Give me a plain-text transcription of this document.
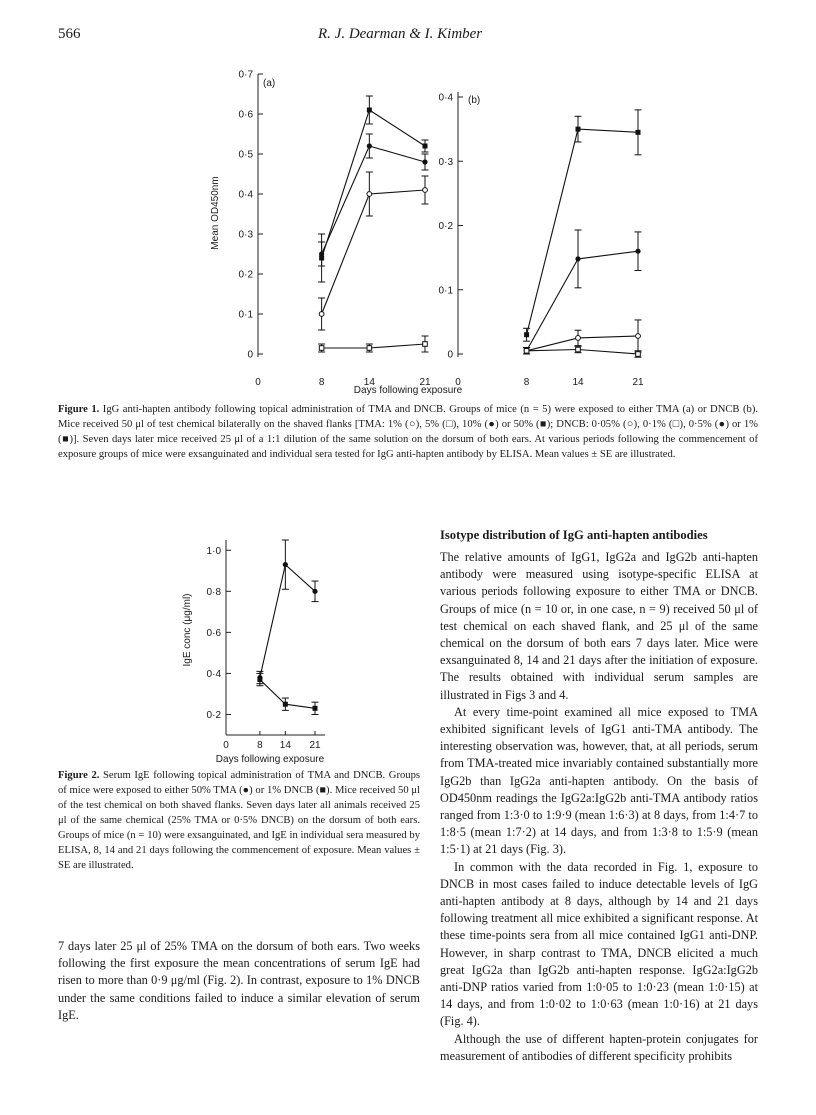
566	R. J. Dearman & I. Kimber
(a)
(b)
Mean OD450nm
Days following exposure
0
0·1
0·2
0·3
0·4
0·5
0·6
0·7
0	8	14	21
0
0·1
0·2
0·3
0·4
0	8	14	21
Figure 1. IgG anti-hapten antibody following topical administration of TMA and DNCB. Groups of mice (n = 5) were exposed to either TMA (a) or DNCB (b). Mice received 50 μl of test chemical bilaterally on the shaved flanks [TMA: 1% (○), 5% (□), 10% (●) or 50% (■); DNCB: 0·05% (○), 0·1% (□), 0·5% (●) or 1% (■)]. Seven days later mice received 25 μl of a 1:1 dilution of the same solution on the dorsum of both ears. At various periods following the commencement of exposure groups of mice were exsanguinated and individual sera tested for IgG anti-hapten antibody by ELISA. Mean values ± SE are illustrated.
IgE conc (μg/ml)
Days following exposure
0·2
0·4
0·6
0·8
1·0
8 14 21
0
Figure 2. Serum IgE following topical administration of TMA and DNCB. Groups of mice were exposed to either 50% TMA (●) or 1% DNCB (■). Mice received 50 μl of the test chemical on both shaved flanks. Seven days later all animals received 25 μl of the same chemical (25% TMA or 0·5% DNCB) on the dorsum of both ears. Groups of mice (n = 10) were exsanguinated, and IgE in individual sera measured by ELISA, 8, 14 and 21 days following the commencement of exposure. Mean values ± SE are illustrated.

7 days later 25 μl of 25% TMA on the dorsum of both ears. Two weeks following the first exposure the mean concentrations of serum IgE had risen to more than 0·9 μg/ml (Fig. 2). In contrast, exposure to 1% DNCB under the same conditions failed to induce a similar elevation of serum IgE.

Isotype distribution of IgG anti-hapten antibodies

The relative amounts of IgG1, IgG2a and IgG2b anti-hapten antibody were measured using isotype-specific ELISA at various periods following exposure to either TMA or DNCB. Groups of mice (n = 10 or, in one case, n = 9) received 50 μl of test chemical on each shaved flank, and 25 μl of the same chemical on the dorsum of both ears 7 days later. Mice were exsanguinated 8, 14 and 21 days after the initiation of exposure. The results obtained with individual serum samples are illustrated in Figs 3 and 4.

At every time-point examined all mice exposed to TMA exhibited significant levels of IgG1 anti-TMA antibody. The interesting observation was, however, that, at all periods, serum from TMA-treated mice invariably contained substantially more IgG2b than IgG2a anti-hapten antibody. On the basis of OD450nm readings the IgG2a:IgG2b anti-TMA antibody ratios ranged from 1:3·0 to 1:9·9 (mean 1:6·3) at 8 days, from 1:4·7 to 1:8·5 (mean 1:7·2) at 14 days, and from 1:3·8 to 1:5·9 (mean 1:5·1) at 21 days (Fig. 3).

In common with the data recorded in Fig. 1, exposure to DNCB in most cases failed to induce detectable levels of IgG anti-hapten antibody at 8 days, although by 14 and 21 days following treatment all mice exhibited a significant response. At these time-points sera from all mice contained IgG1 anti-DNP. However, in sharp contrast to TMA, DNCB elicited a much great IgG2a than IgG2b anti-hapten response. IgG2a:IgG2b anti-DNP ratios varied from 1:0·05 to 1:0·23 (mean 1:0·15) at 14 days, and from 1:0·02 to 1:0·63 (mean 1:0·16) at 21 days (Fig. 4).

Although the use of different hapten-protein conjugates for measurement of antibodies of different specificity prohibits
